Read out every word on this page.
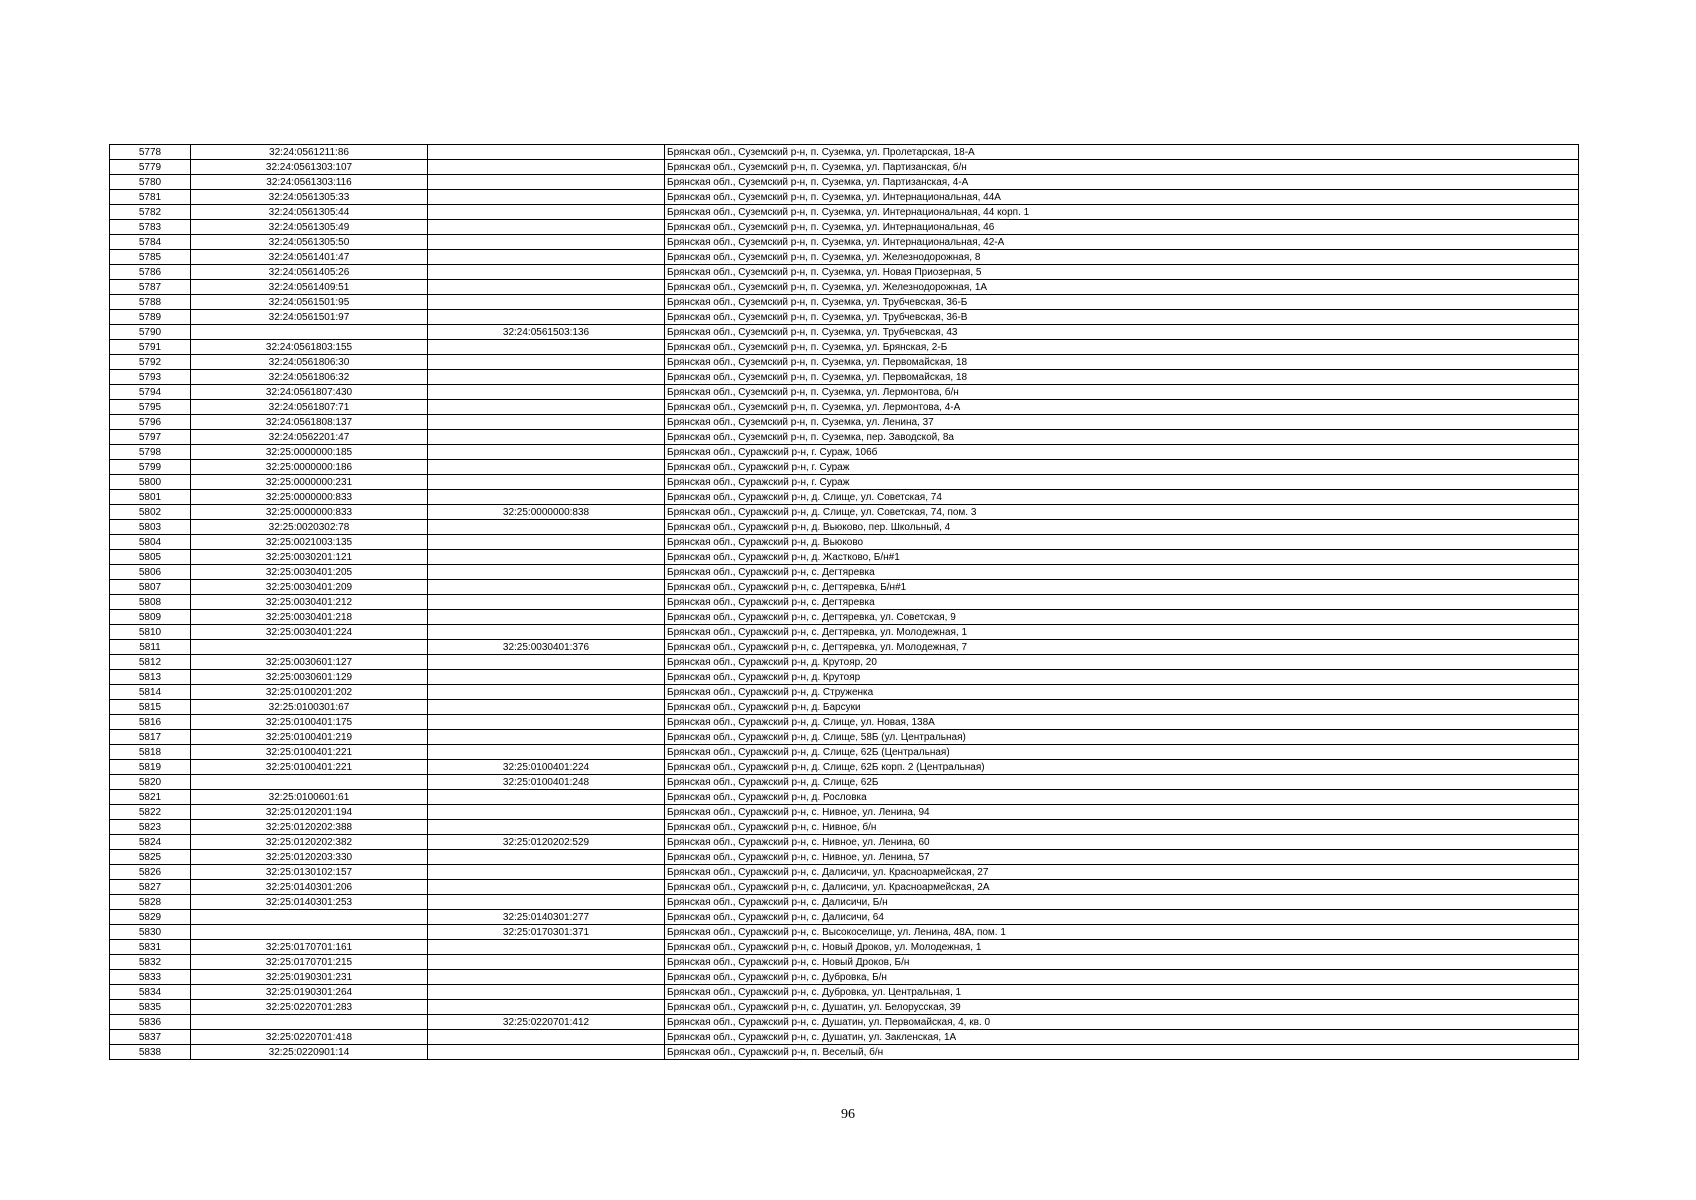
5778	32:24:0561211:86		Брянская обл., Суземский р-н, п. Суземка, ул. Пролетарская, 18-А
5779	32:24:0561303:107		Брянская обл., Суземский р-н, п. Суземка, ул. Партизанская, б/н
5780	32:24:0561303:116		Брянская обл., Суземский р-н, п. Суземка, ул. Партизанская, 4-А
5781	32:24:0561305:33		Брянская обл., Суземский р-н, п. Суземка, ул. Интернациональная, 44А
5782	32:24:0561305:44		Брянская обл., Суземский р-н, п. Суземка, ул. Интернациональная, 44 корп. 1
5783	32:24:0561305:49		Брянская обл., Суземский р-н, п. Суземка, ул. Интернациональная, 46
5784	32:24:0561305:50		Брянская обл., Суземский р-н, п. Суземка, ул. Интернациональная, 42-А
5785	32:24:0561401:47		Брянская обл., Суземский р-н, п. Суземка, ул. Железнодорожная, 8
5786	32:24:0561405:26		Брянская обл., Суземский р-н, п. Суземка, ул. Новая Приозерная, 5
5787	32:24:0561409:51		Брянская обл., Суземский р-н, п. Суземка, ул. Железнодорожная, 1А
5788	32:24:0561501:95		Брянская обл., Суземский р-н, п. Суземка, ул. Трубчевская, 36-Б
5789	32:24:0561501:97		Брянская обл., Суземский р-н, п. Суземка, ул. Трубчевская, 36-В
5790		32:24:0561503:136	Брянская обл., Суземский р-н, п. Суземка, ул. Трубчевская, 43
5791	32:24:0561803:155		Брянская обл., Суземский р-н, п. Суземка, ул. Брянская, 2-Б
5792	32:24:0561806:30		Брянская обл., Суземский р-н, п. Суземка, ул. Первомайская, 18
5793	32:24:0561806:32		Брянская обл., Суземский р-н, п. Суземка, ул. Первомайская, 18
5794	32:24:0561807:430		Брянская обл., Суземский р-н, п. Суземка, ул. Лермонтова, б/н
5795	32:24:0561807:71		Брянская обл., Суземский р-н, п. Суземка, ул. Лермонтова, 4-А
5796	32:24:0561808:137		Брянская обл., Суземский р-н, п. Суземка, ул. Ленина, 37
5797	32:24:0562201:47		Брянская обл., Суземский р-н, п. Суземка, пер. Заводской, 8а
5798	32:25:0000000:185		Брянская обл., Суражский р-н, г. Сураж, 106б
5799	32:25:0000000:186		Брянская обл., Суражский р-н, г. Сураж
5800	32:25:0000000:231		Брянская обл., Суражский р-н, г. Сураж
5801	32:25:0000000:833		Брянская обл., Суражский р-н, д. Слище, ул. Советская, 74
5802	32:25:0000000:833	32:25:0000000:838	Брянская обл., Суражский р-н, д. Слище, ул. Советская, 74, пом. 3
5803	32:25:0020302:78		Брянская обл., Суражский р-н, д. Вьюково, пер. Школьный, 4
5804	32:25:0021003:135		Брянская обл., Суражский р-н, д. Вьюково
5805	32:25:0030201:121		Брянская обл., Суражский р-н, д. Жастково, Б/н#1
5806	32:25:0030401:205		Брянская обл., Суражский р-н, с. Дегтяревка
5807	32:25:0030401:209		Брянская обл., Суражский р-н, с. Дегтяревка, Б/н#1
5808	32:25:0030401:212		Брянская обл., Суражский р-н, с. Дегтяревка
5809	32:25:0030401:218		Брянская обл., Суражский р-н, с. Дегтяревка, ул. Советская, 9
5810	32:25:0030401:224		Брянская обл., Суражский р-н, с. Дегтяревка, ул. Молодежная, 1
5811		32:25:0030401:376	Брянская обл., Суражский р-н, с. Дегтяревка, ул. Молодежная, 7
5812	32:25:0030601:127		Брянская обл., Суражский р-н, д. Крутояр, 20
5813	32:25:0030601:129		Брянская обл., Суражский р-н, д. Крутояр
5814	32:25:0100201:202		Брянская обл., Суражский р-н, д. Струженка
5815	32:25:0100301:67		Брянская обл., Суражский р-н, д. Барсуки
5816	32:25:0100401:175		Брянская обл., Суражский р-н, д. Слище, ул. Новая, 138А
5817	32:25:0100401:219		Брянская обл., Суражский р-н, д. Слище, 58Б (ул. Центральная)
5818	32:25:0100401:221		Брянская обл., Суражский р-н, д. Слище, 62Б (Центральная)
5819	32:25:0100401:221	32:25:0100401:224	Брянская обл., Суражский р-н, д. Слище, 62Б корп. 2 (Центральная)
5820		32:25:0100401:248	Брянская обл., Суражский р-н, д. Слище, 62Б
5821	32:25:0100601:61		Брянская обл., Суражский р-н, д. Рословка
5822	32:25:0120201:194		Брянская обл., Суражский р-н, с. Нивное, ул. Ленина, 94
5823	32:25:0120202:388		Брянская обл., Суражский р-н, с. Нивное, б/н
5824	32:25:0120202:382	32:25:0120202:529	Брянская обл., Суражский р-н, с. Нивное, ул. Ленина, 60
5825	32:25:0120203:330		Брянская обл., Суражский р-н, с. Нивное, ул. Ленина, 57
5826	32:25:0130102:157		Брянская обл., Суражский р-н, с. Далисичи, ул. Красноармейская, 27
5827	32:25:0140301:206		Брянская обл., Суражский р-н, с. Далисичи, ул. Красноармейская, 2А
5828	32:25:0140301:253		Брянская обл., Суражский р-н, с. Далисичи, Б/н
5829		32:25:0140301:277	Брянская обл., Суражский р-н, с. Далисичи, 64
5830		32:25:0170301:371	Брянская обл., Суражский р-н, с. Высокоселище, ул. Ленина, 48А, пом. 1
5831	32:25:0170701:161		Брянская обл., Суражский р-н, с. Новый Дроков, ул. Молодежная, 1
5832	32:25:0170701:215		Брянская обл., Суражский р-н, с. Новый Дроков, Б/н
5833	32:25:0190301:231		Брянская обл., Суражский р-н, с. Дубровка, Б/н
5834	32:25:0190301:264		Брянская обл., Суражский р-н, с. Дубровка, ул. Центральная, 1
5835	32:25:0220701:283		Брянская обл., Суражский р-н, с. Душатин, ул. Белорусская, 39
5836		32:25:0220701:412	Брянская обл., Суражский р-н, с. Душатин, ул. Первомайская, 4, кв. 0
5837	32:25:0220701:418		Брянская обл., Суражский р-н, с. Душатин, ул. Закленская, 1А
5838	32:25:0220901:14		Брянская обл., Суражский р-н, п. Веселый, б/н
96
